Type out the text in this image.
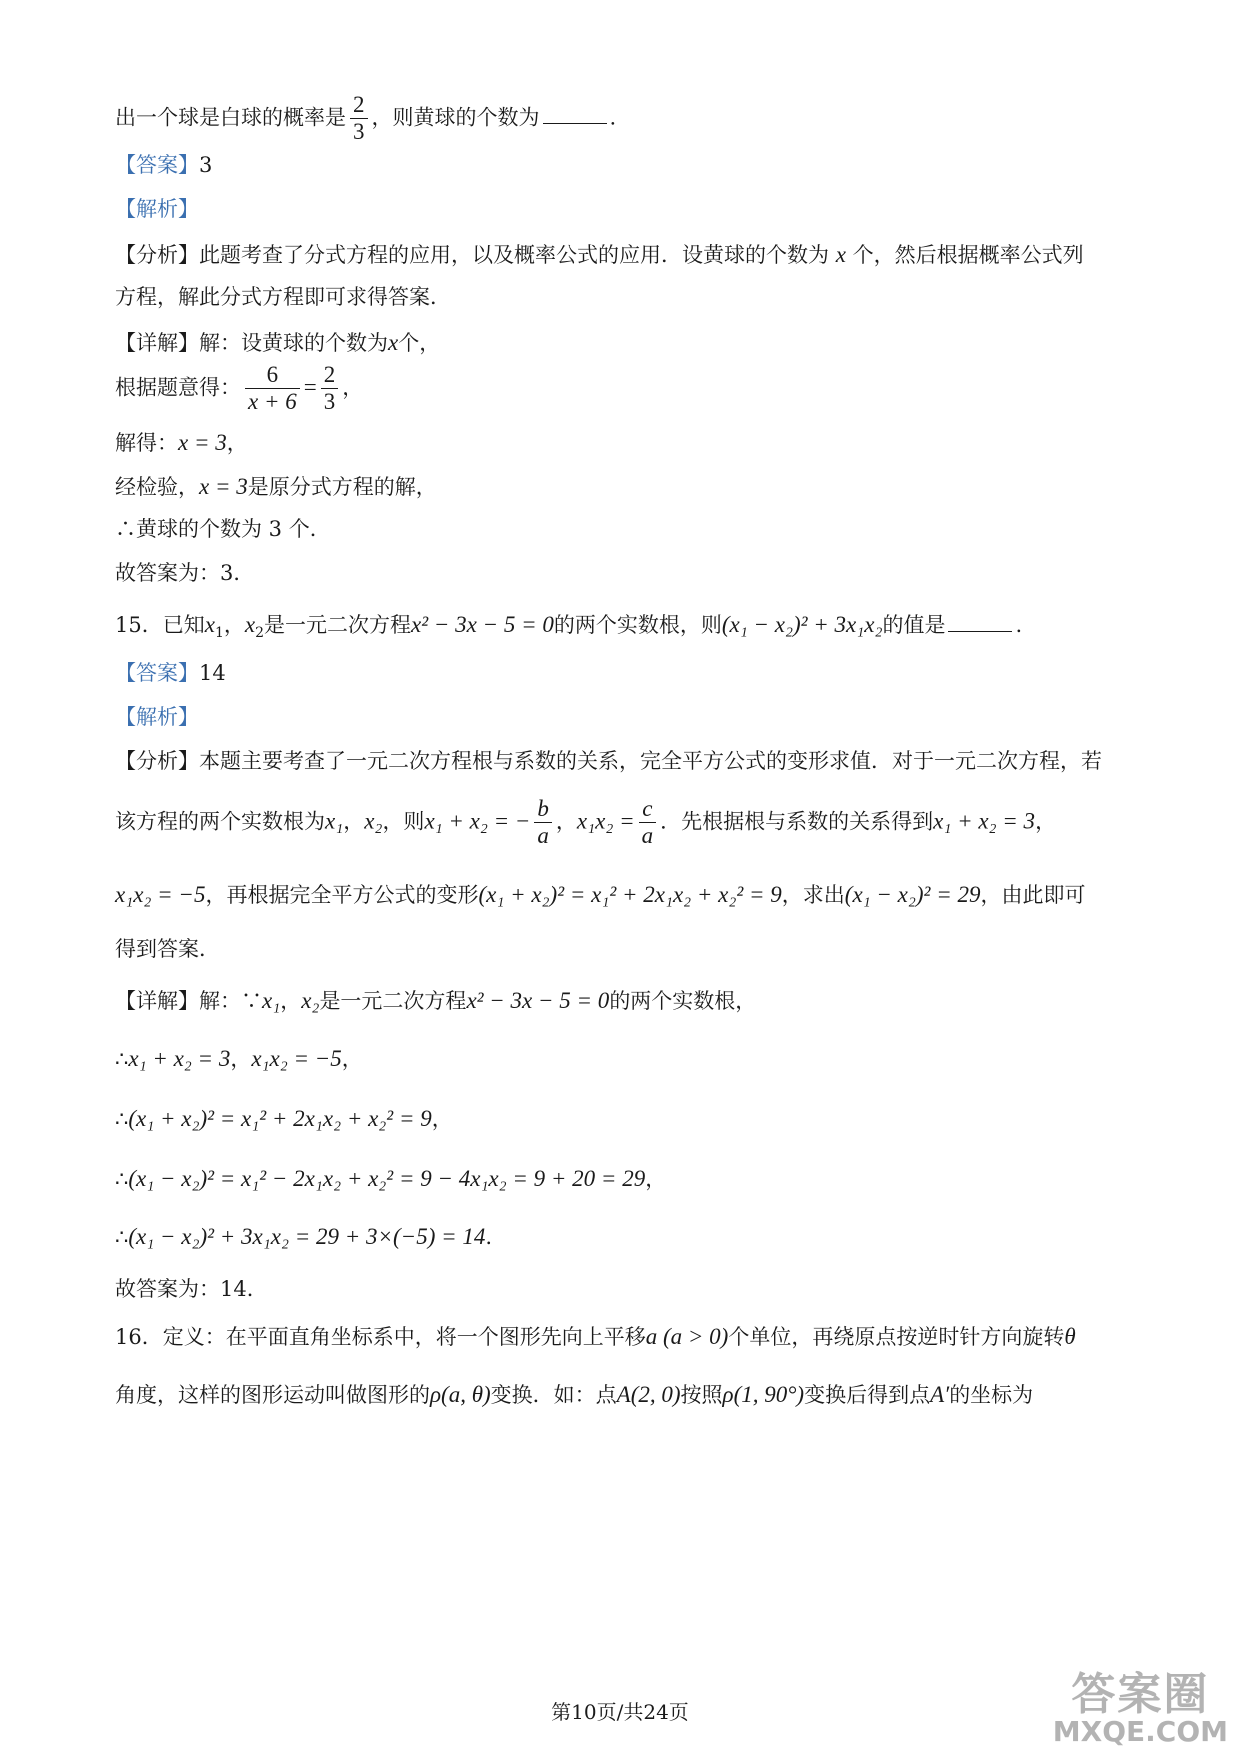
出一个球是白球的概率是 $\frac{2}{3}$ ，则黄球的个数为	.
【答案】3
【解析】
【分析】此题考查了分式方程的应用，以及概率公式的应用．设黄球的个数为 x 个，然后根据概率公式列
方程，解此分式方程即可求得答案．
【详解】解：设黄球的个数为x个，
根据题意得： $\frac{6}{x + 6} = \frac{2}{3}$ ，
解得：x = 3，
经检验，x = 3是原分式方程的解，
∴黄球的个数为 3 个．
故答案为：3．
15．已知$x_1$，$x_2$是一元二次方程x² − 3x − 5 = 0的两个实数根，则(x₁ − x₂)² + 3x₁x₂的值是	.
【答案】14
【解析】
【分析】本题主要考查了一元二次方程根与系数的关系，完全平方公式的变形求值．对于一元二次方程，若
该方程的两个实数根为x₁，x₂，则x₁ + x₂ = − $\frac{b}{a}$ ，$x_1x_2 = \frac{c}{a}$ ．先根据根与系数的关系得到x₁ + x₂ = 3，
x₁x₂ = −5，再根据完全平方公式的变形(x₁ + x₂)² = x₁² + 2x₁x₂ + x₂² = 9，求出(x₁ − x₂)² = 29，由此即可
得到答案．
【详解】解：∵x₁，x₂是一元二次方程x² − 3x − 5 = 0的两个实数根，
∴x₁ + x₂ = 3，x₁x₂ = −5，
∴(x₁ + x₂)² = x₁² + 2x₁x₂ + x₂² = 9，
∴(x₁ − x₂)² = x₁² − 2x₁x₂ + x₂² = 9 − 4x₁x₂ = 9 + 20 = 29，
∴(x₁ − x₂)² + 3x₁x₂ = 29 + 3×(−5) = 14.
故答案为：14．
16．定义：在平面直角坐标系中，将一个图形先向上平移a (a > 0)个单位，再绕原点按逆时针方向旋转θ
角度，这样的图形运动叫做图形的ρ(a, θ)变换．如：点A(2, 0)按照ρ(1, 90°)变换后得到点A′的坐标为
第10页/共24页	答案圈
MXQE.COM
